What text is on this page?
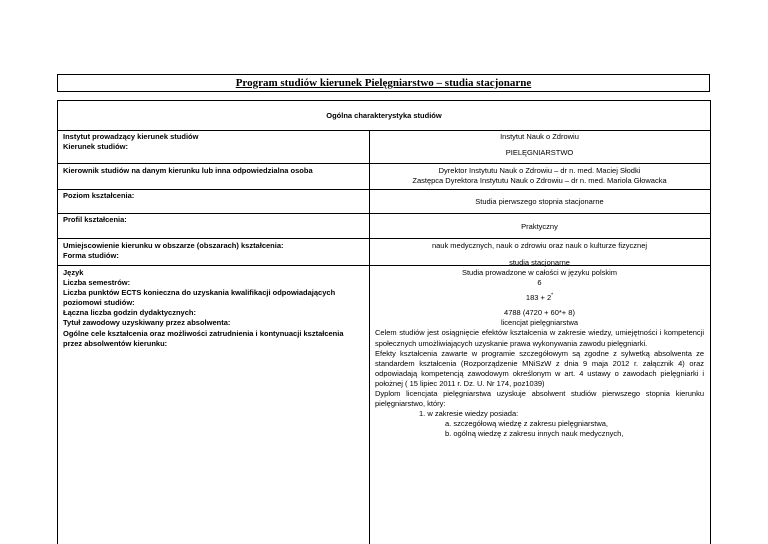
Program studiów kierunek Pielęgniarstwo – studia stacjonarne
Ogólna charakterystyka studiów
Instytut prowadzący kierunek studiów
Kierunek studiów:
Instytut Nauk o Zdrowiu
PIELĘGNIARSTWO
Kierownik studiów na danym kierunku lub inna odpowiedzialna osoba	Dyrektor Instytutu Nauk o Zdrowiu – dr n. med. Maciej Słodki
Zastępca Dyrektora Instytutu Nauk o Zdrowiu – dr n. med. Mariola Głowacka
Poziom kształcenia:
Studia pierwszego stopnia stacjonarne
Profil kształcenia:
Praktyczny
Umiejscowienie kierunku w obszarze (obszarach) kształcenia:
Forma studiów:
nauk medycznych, nauk o zdrowiu oraz nauk o kulturze fizycznej
studia stacjonarne
Język
Liczba semestrów:
Liczba punktów ECTS konieczna do uzyskania kwalifikacji odpowiadających poziomowi studiów:
Łączna liczba godzin dydaktycznych:
Tytuł zawodowy uzyskiwany przez absolwenta:
Ogólne cele kształcenia oraz możliwości zatrudnienia i kontynuacji kształcenia przez absolwentów kierunku:
Studia prowadzone w całości w języku polskim
6
183 + 2*
4788 (4720 + 60*+ 8)
licencjat pielęgniarstwa
Celem studiów jest osiągnięcie efektów kształcenia w zakresie wiedzy, umiejętności i kompetencji społecznych umożliwiających uzyskanie prawa wykonywania zawodu pielęgniarki.
Efekty kształcenia zawarte w programie szczegółowym są zgodne z sylwetką absolwenta ze standardem kształcenia (Rozporządzenie MNiSzW z dnia 9 maja 2012 r. załącznik 4) oraz odpowiadają kompetencją zawodowym określonym w art. 4 ustawy o zawodach pielęgniarki i położnej ( 15 lipiec 2011 r. Dz. U. Nr 174, poz1039)
Dyplom licencjata pielęgniarstwa uzyskuje absolwent studiów pierwszego stopnia kierunku pielęgniarstwo, który:
1. w zakresie wiedzy posiada:
a. szczegółową wiedzę z zakresu pielęgniarstwa,
b. ogólną wiedzę z zakresu innych nauk medycznych,
